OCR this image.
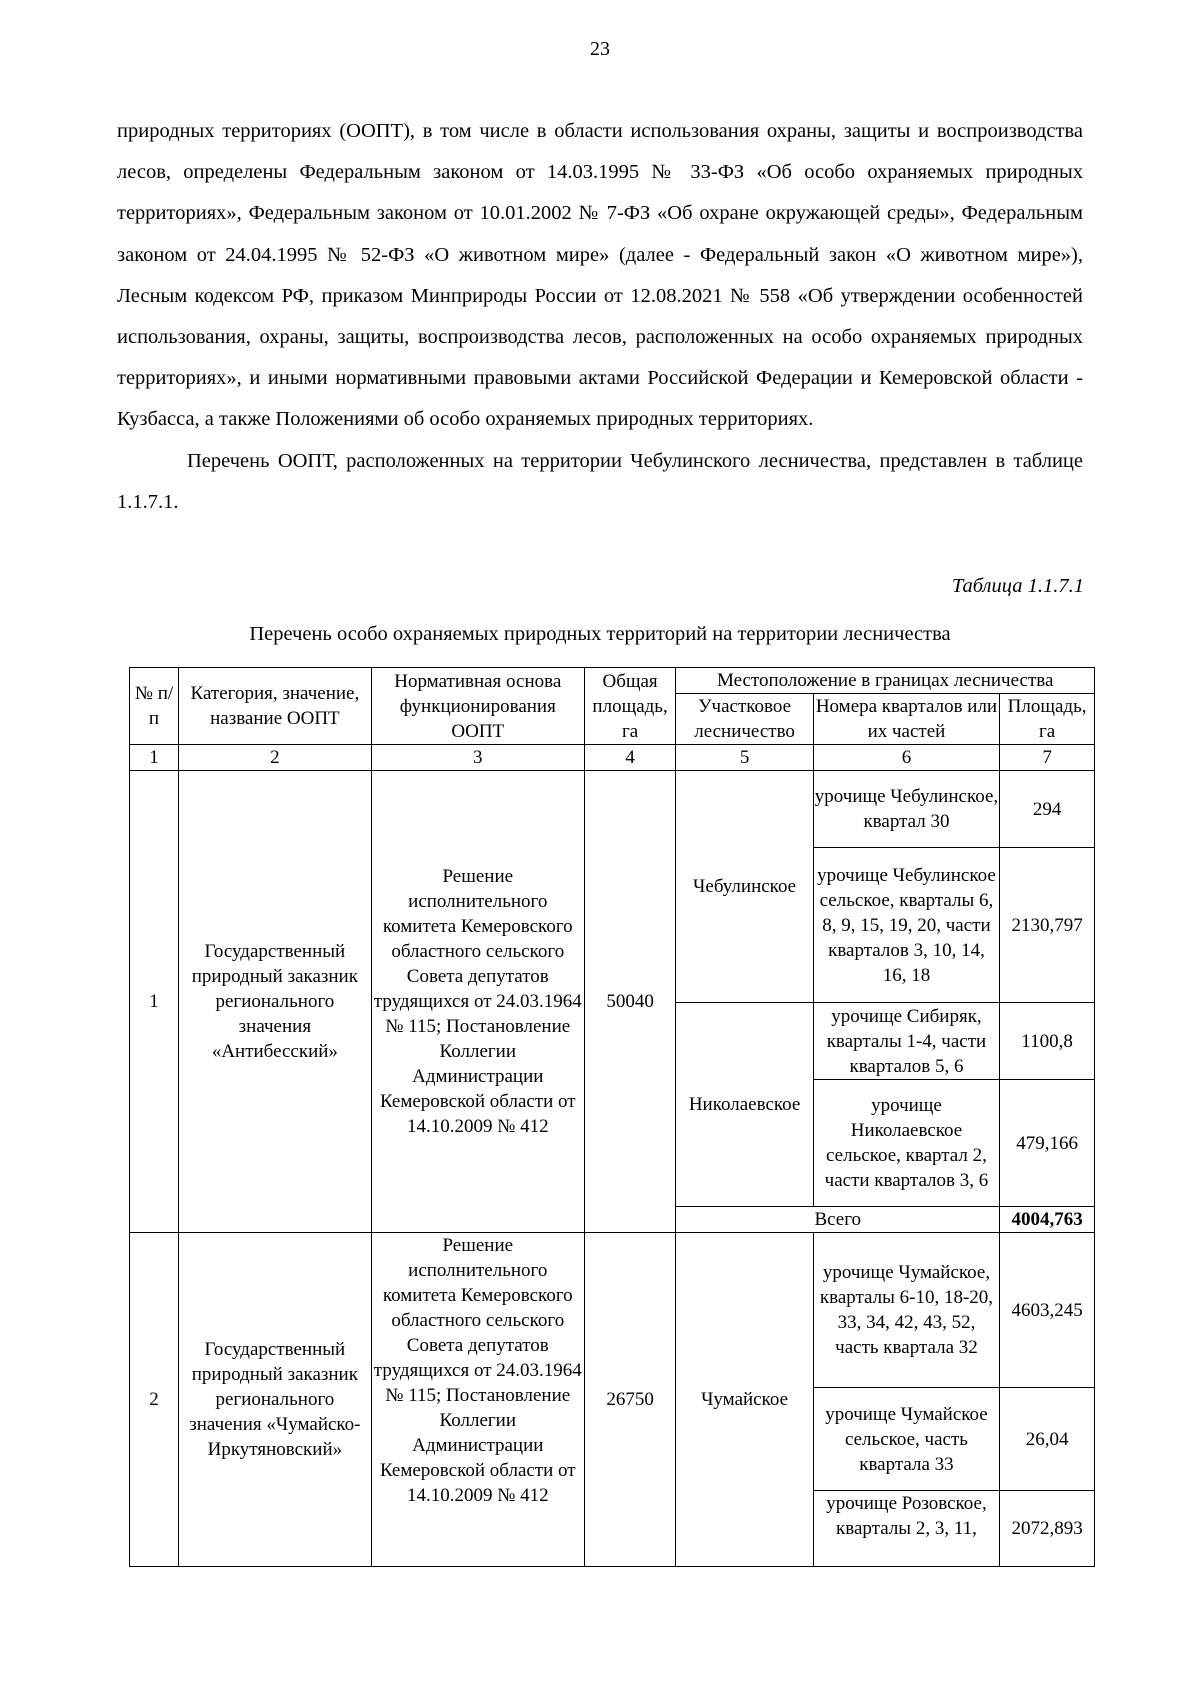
23

природных территориях (ООПТ), в том числе в области использования охраны, защиты и воспроизводства лесов, определены Федеральным законом от 14.03.1995 № 33-ФЗ «Об особо охраняемых природных территориях», Федеральным законом от 10.01.2002 № 7-ФЗ «Об охране окружающей среды», Федеральным законом от 24.04.1995 № 52-ФЗ «О животном мире» (далее - Федеральный закон «О животном мире»), Лесным кодексом РФ, приказом Минприроды России от 12.08.2021 № 558 «Об утверждении особенностей использования, охраны, защиты, воспроизводства лесов, расположенных на особо охраняемых природных территориях», и иными нормативными правовыми актами Российской Федерации и Кемеровской области - Кузбасса, а также Положениями об особо охраняемых природных территориях.

Перечень ООПТ, расположенных на территории Чебулинского лесничества, представлен в таблице 1.1.7.1.

Таблица 1.1.7.1
Перечень особо охраняемых природных территорий на территории лесничества
№ п/п	Категория, значение, название ООПТ	Нормативная основа функционирования ООПТ	Общая площадь, га	Местоположение в границах лесничества		
				Участковое лесничество	Номера кварталов или их частей	Площадь, га

1	2	3	4	5	6	7
1	Государственный природный заказник регионального значения «Антибесский»	Решение исполнительного комитета Кемеровского областного сельского Совета депутатов трудящихся от 24.03.1964 № 115; Постановление Коллегии Администрации Кемеровской области от 14.10.2009 № 412	50040	Чебулинское	урочище Чебулинское, квартал 30	294
					урочище Чебулинское сельское, кварталы 6, 8, 9, 15, 19, 20, части кварталов 3, 10, 14, 16, 18	2130,797
				Николаевское	урочище Сибиряк, кварталы 1-4, части кварталов 5, 6	1100,8
					урочище Николаевское сельское, квартал 2, части кварталов 3, 6	479,166
				Всего		4004,763
2	Государственный природный заказник регионального значения «Чумайско-Иркутяновский»	Решение исполнительного комитета Кемеровского областного сельского Совета депутатов трудящихся от 24.03.1964 № 115; Постановление Коллегии Администрации Кемеровской области от 14.10.2009 № 412	26750	Чумайское	урочище Чумайское, кварталы 6-10, 18-20, 33, 34, 42, 43, 52, часть квартала 32	4603,245
					урочище Чумайское сельское, часть квартала 33	26,04
					урочище Розовское, кварталы 2, 3, 11,	2072,893
